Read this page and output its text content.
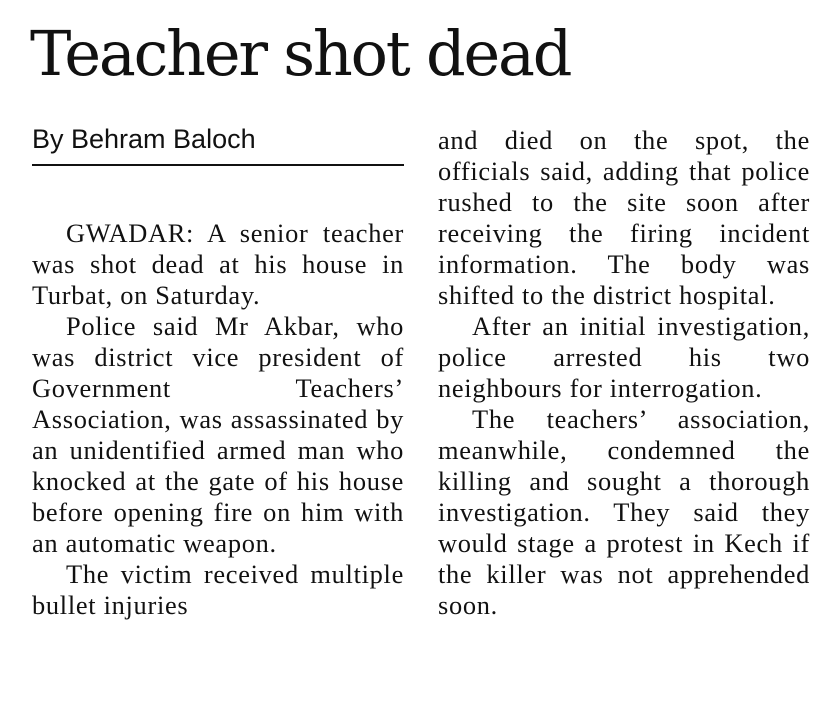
Teacher shot dead
By Behram Baloch

GWADAR: A senior teacher was shot dead at his house in Turbat, on Saturday.

Police said Mr Akbar, who was district vice president of Government Teachers’ Association, was assassinated by an unidentified armed man who knocked at the gate of his house before opening fire on him with an automatic weapon.

The victim received multiple bullet injuries

and died on the spot, the officials said, adding that police rushed to the site soon after receiving the firing incident information. The body was shifted to the district hospital.

After an initial investigation, police arrested his two neighbours for interrogation.

The teachers’ association, meanwhile, condemned the killing and sought a thorough investigation. They said they would stage a protest in Kech if the killer was not apprehended soon.
